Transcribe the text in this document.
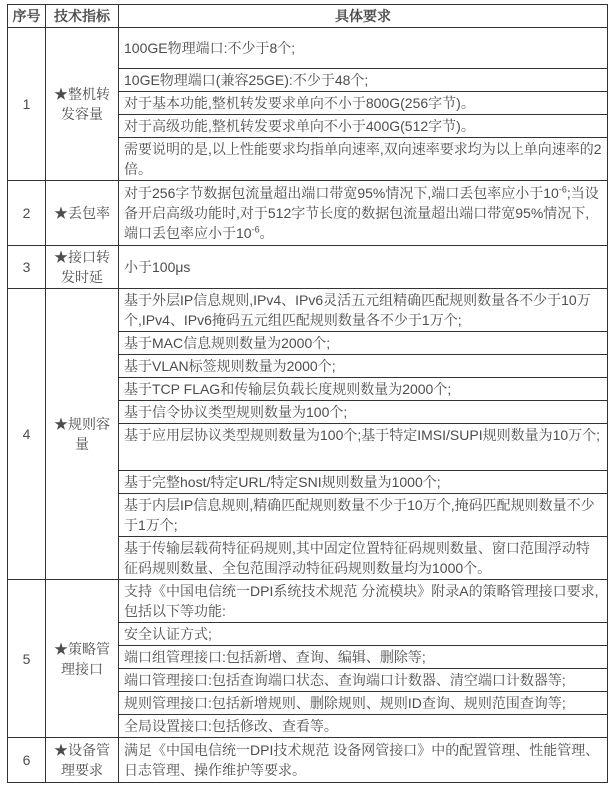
序号	技术指标	具体要求
1	★整机转发容量	100GE物理端口:不少于8个;
10GE物理端口(兼容25GE):不少于48个;
对于基本功能,整机转发要求单向不小于800G(256字节)。
对于高级功能,整机转发要求单向不小于400G(512字节)。
需要说明的是,以上性能要求均指单向速率,双向速率要求均为以上单向速率的2倍。

2	★丢包率	对于256字节数据包流量超出端口带宽95%情况下,端口丢包率应小于$10^{-6}$;当设备开启高级功能时,对于512字节长度的数据包流量超出端口带宽95%情况下,端口丢包率应小于$10^{-6}$。
3	★接口转发时延	小于100μs
4	★规则容量	
基于外层IP信息规则,IPv4、IPv6灵活五元组精确匹配规则数量各不少于10万个,IPv4、IPv6掩码五元组匹配规则数量各不少于1万个;
基于MAC信息规则数量为2000个;
基于VLAN标签规则数量为2000个;
基于TCP FLAG和传输层负载长度规则数量为2000个;
基于信令协议类型规则数量为100个;
基于应用层协议类型规则数量为100个;基于特定IMSI/SUPI规则数量为10万个;
基于完整host/特定URL/特定SNI规则数量为1000个;
基于内层IP信息规则,精确匹配规则数量不少于10万个,掩码匹配规则数量不少于1万个;
基于传输层载荷特征码规则,其中固定位置特征码规则数量、窗口范围浮动特征码规则数量、全包范围浮动特征码规则数量均为1000个。

5	★策略管理接口	
支持《中国电信统一DPI系统技术规范 分流模块》附录A的策略管理接口要求,包括以下等功能:
安全认证方式;
端口组管理接口:包括新增、查询、编辑、删除等;
端口管理接口:包括查询端口状态、查询端口计数器、清空端口计数器等;
规则管理接口:包括新增规则、删除规则、规则ID查询、规则范围查询等;
全局设置接口:包括修改、查看等。

6	★设备管理要求	满足《中国电信统一DPI技术规范 设备网管接口》中的配置管理、性能管理、日志管理、操作维护等要求。
